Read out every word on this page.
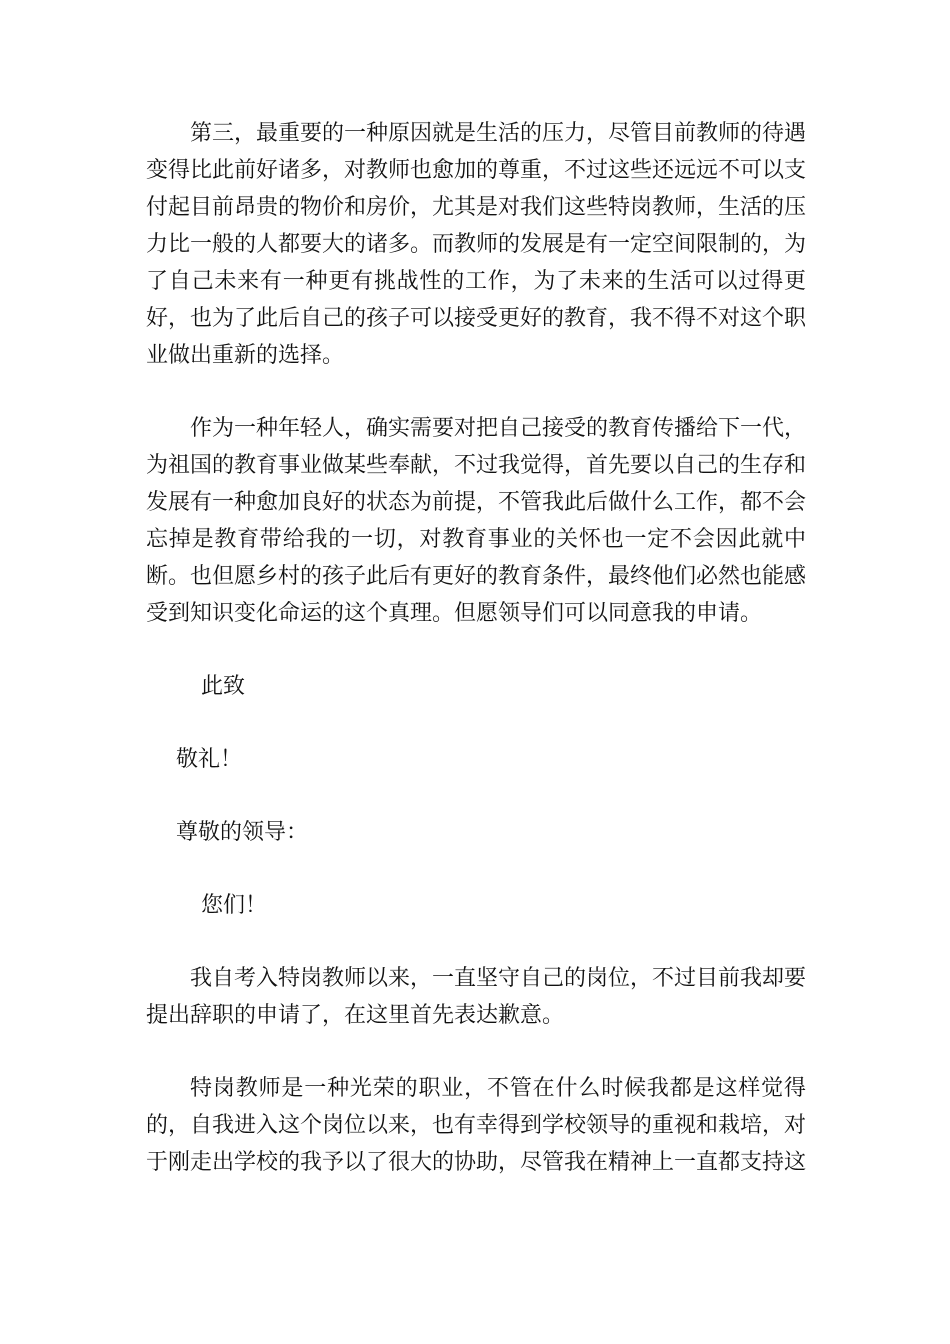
第三，最重要的一种原因就是生活的压力，尽管目前教师的待遇变得比此前好诸多，对教师也愈加的尊重，不过这些还远远不可以支付起目前昂贵的物价和房价，尤其是对我们这些特岗教师，生活的压力比一般的人都要大的诸多。而教师的发展是有一定空间限制的，为了自己未来有一种更有挑战性的工作，为了未来的生活可以过得更好，也为了此后自己的孩子可以接受更好的教育，我不得不对这个职业做出重新的选择。

作为一种年轻人，确实需要对把自己接受的教育传播给下一代，为祖国的教育事业做某些奉献，不过我觉得，首先要以自己的生存和发展有一种愈加良好的状态为前提，不管我此后做什么工作，都不会忘掉是教育带给我的一切，对教育事业的关怀也一定不会因此就中断。也但愿乡村的孩子此后有更好的教育条件，最终他们必然也能感受到知识变化命运的这个真理。但愿领导们可以同意我的申请。

此致

敬礼！

尊敬的领导：

您们！

我自考入特岗教师以来，一直坚守自己的岗位，不过目前我却要提出辞职的申请了，在这里首先表达歉意。

特岗教师是一种光荣的职业，不管在什么时候我都是这样觉得的，自我进入这个岗位以来，也有幸得到学校领导的重视和栽培，对于刚走出学校的我予以了很大的协助，尽管我在精神上一直都支持这
